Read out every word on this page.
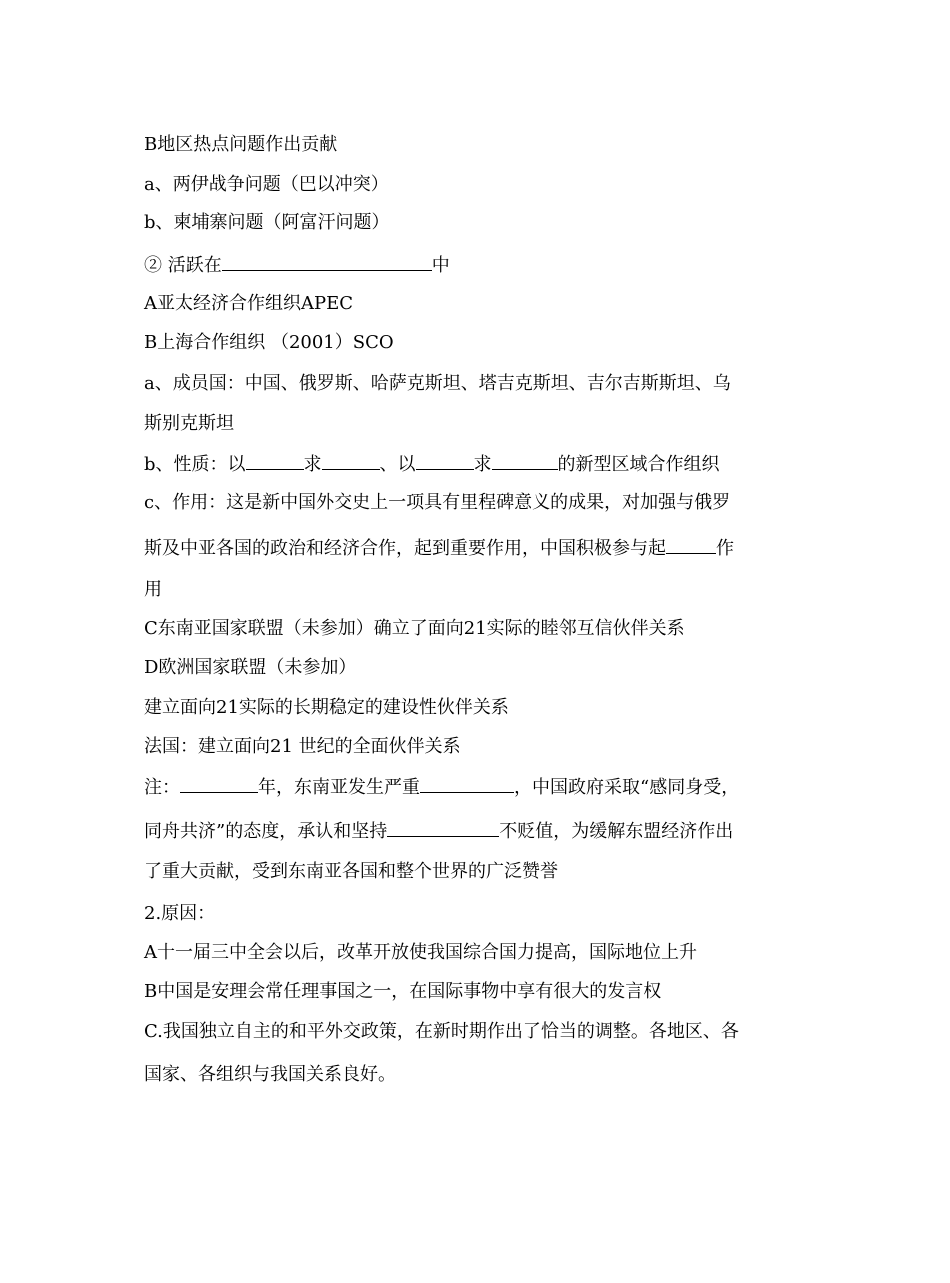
B地区热点问题作出贡献

a、两伊战争问题（巴以冲突）

b、柬埔寨问题（阿富汗问题）

② 活跃在	中

A亚太经济合作组织APEC

B上海合作组织 （2001）SCO

a、成员国：中国、俄罗斯、哈萨克斯坦、塔吉克斯坦、吉尔吉斯斯坦、乌

斯别克斯坦

b、性质：以	求	、以	求	的新型区域合作组织

c、作用：这是新中国外交史上一项具有里程碑意义的成果，对加强与俄罗

斯及中亚各国的政治和经济合作，起到重要作用，中国积极参与起	作

用

C东南亚国家联盟（未参加）确立了面向21实际的睦邻互信伙伴关系

D欧洲国家联盟（未参加）

建立面向21实际的长期稳定的建设性伙伴关系

法国：建立面向21 世纪的全面伙伴关系

注：	年，东南亚发生严重	，中国政府采取“感同身受，

同舟共济”的态度，承认和坚持	不贬值，为缓解东盟经济作出

了重大贡献，受到东南亚各国和整个世界的广泛赞誉

2.原因：

A十一届三中全会以后，改革开放使我国综合国力提高，国际地位上升

B中国是安理会常任理事国之一，在国际事物中享有很大的发言权

C.我国独立自主的和平外交政策，在新时期作出了恰当的调整。各地区、各

国家、各组织与我国关系良好。
